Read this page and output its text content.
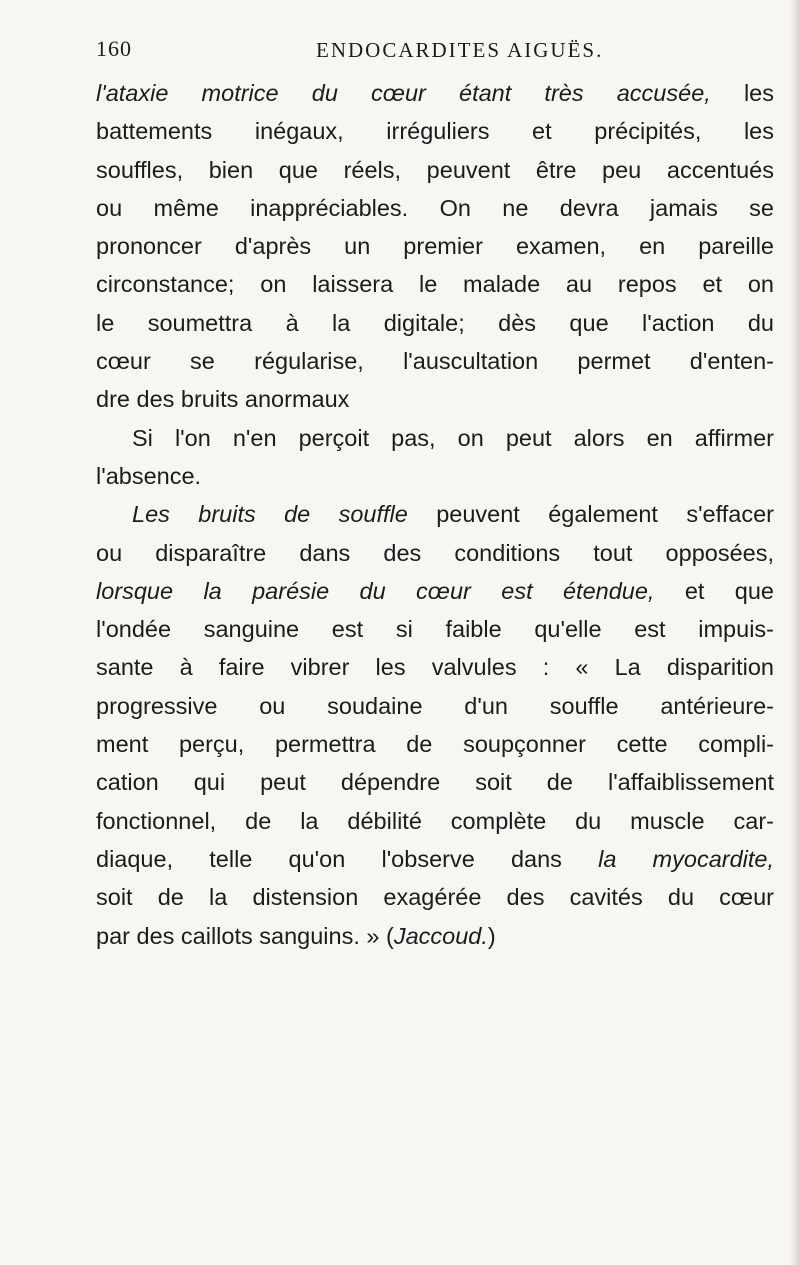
160	ENDOCARDITES AIGUËS.
l'ataxie motrice du cœur étant très accusée, les
battements inégaux, irréguliers et précipités, les
souffles, bien que réels, peuvent être peu accentués
ou même inappréciables. On ne devra jamais se
prononcer d'après un premier examen, en pareille
circonstance; on laissera le malade au repos et on
le soumettra à la digitale; dès que l'action du
cœur se régularise, l'auscultation permet d'enten-
dre des bruits anormaux
Si l'on n'en perçoit pas, on peut alors en affirmer
l'absence.
Les bruits de souffle peuvent également s'effacer
ou disparaître dans des conditions tout opposées,
lorsque la parésie du cœur est étendue, et que
l'ondée sanguine est si faible qu'elle est impuis-
sante à faire vibrer les valvules : « La disparition
progressive ou soudaine d'un souffle antérieure-
ment perçu, permettra de soupçonner cette compli-
cation qui peut dépendre soit de l'affaiblissement
fonctionnel, de la débilité complète du muscle car-
diaque, telle qu'on l'observe dans la myocardite,
soit de la distension exagérée des cavités du cœur
par des caillots sanguins. » (Jaccoud.)
